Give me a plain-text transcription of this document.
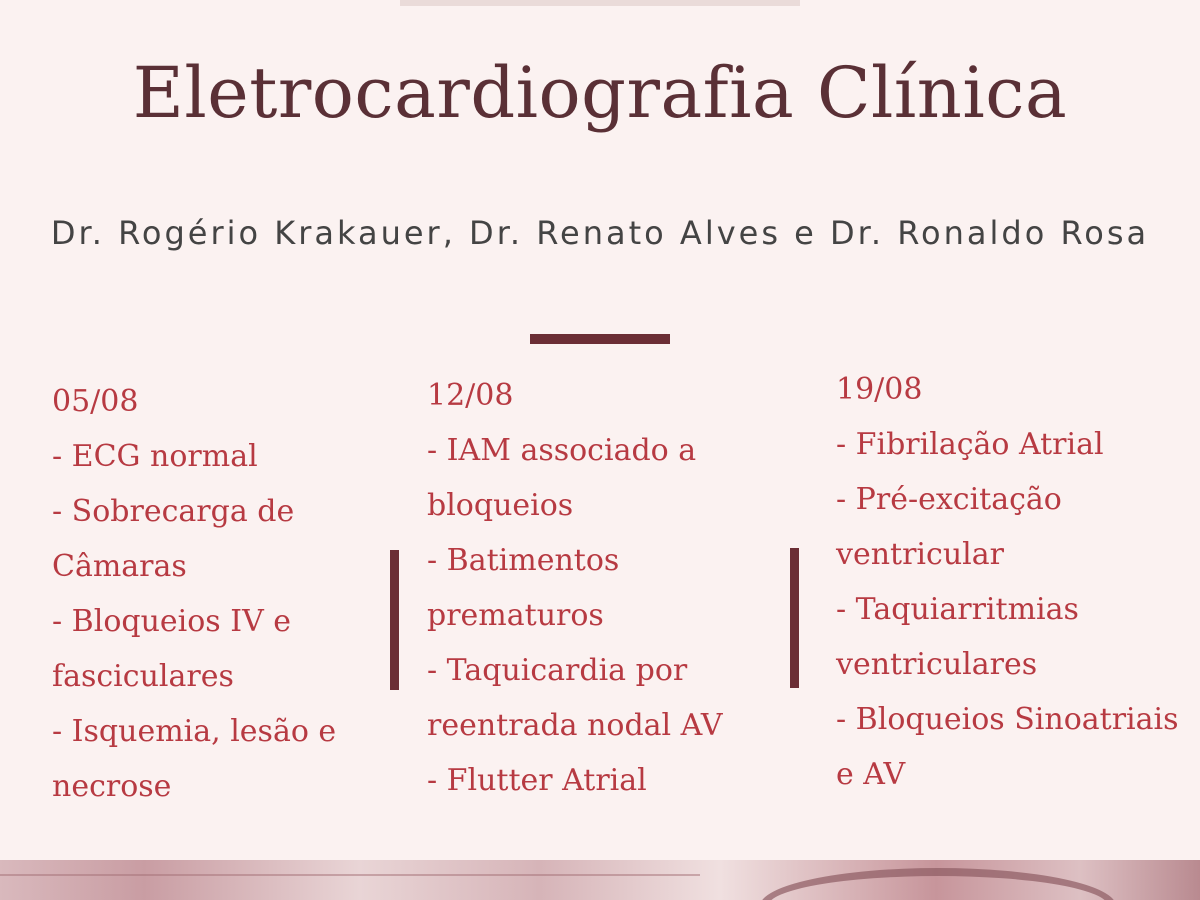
Eletrocardiografia Clínica

Dr. Rogério Krakauer, Dr. Renato Alves e Dr. Ronaldo Rosa

05/08
- ECG normal
- Sobrecarga de Câmaras
- Bloqueios IV e fasciculares
- Isquemia, lesão e necrose
12/08
- IAM associado a bloqueios
- Batimentos prematuros
- Taquicardia por reentrada nodal AV
- Flutter Atrial
19/08
- Fibrilação Atrial
- Pré-excitação ventricular
- Taquiarritmias ventriculares
- Bloqueios Sinoatriais e AV
